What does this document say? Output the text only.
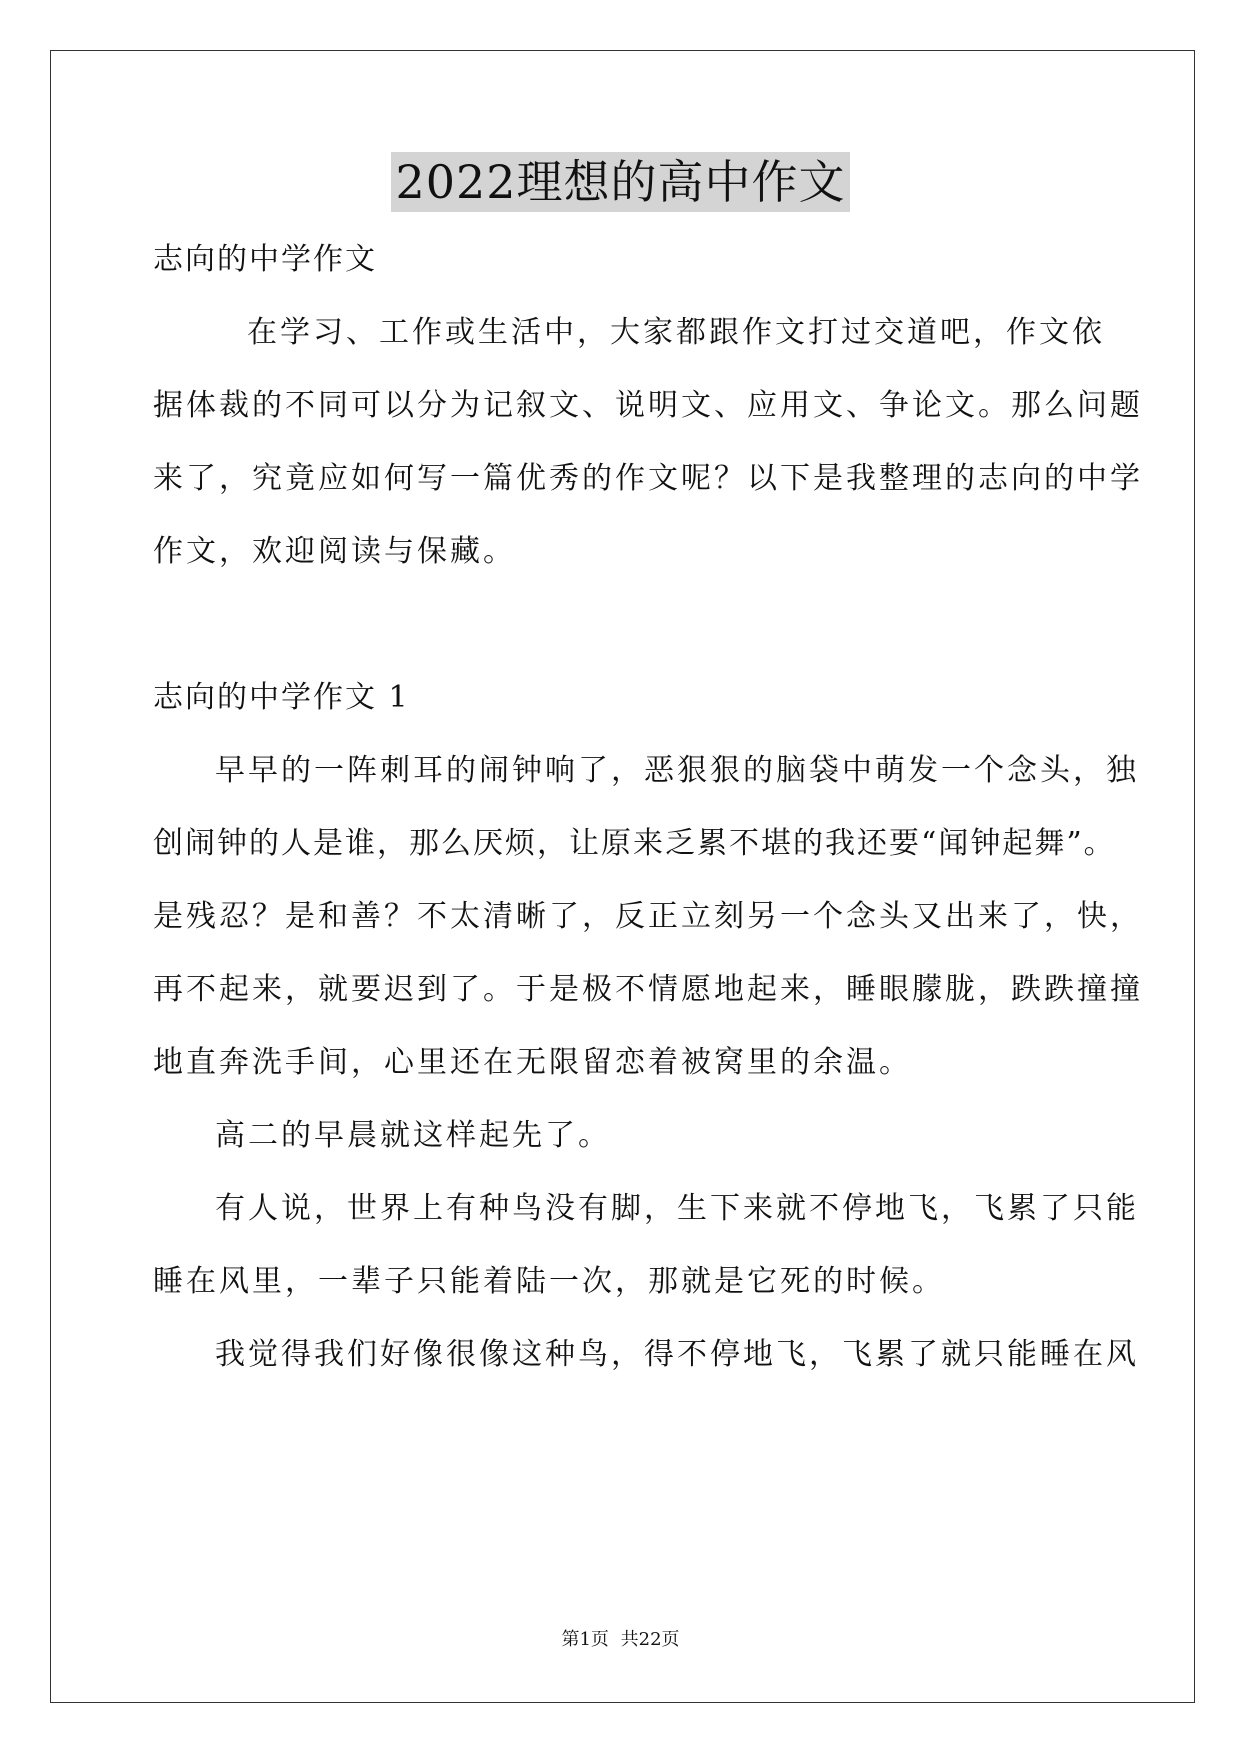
2022理想的高中作文
志向的中学作文
在学习、工作或生活中，大家都跟作文打过交道吧，作文依
据体裁的不同可以分为记叙文、说明文、应用文、争论文。那么问题
来了，究竟应如何写一篇优秀的作文呢？以下是我整理的志向的中学
作文，欢迎阅读与保藏。
志向的中学作文 1
早早的一阵刺耳的闹钟响了，恶狠狠的脑袋中萌发一个念头，独
创闹钟的人是谁，那么厌烦，让原来乏累不堪的我还要“闻钟起舞”。
是残忍？是和善？不太清晰了，反正立刻另一个念头又出来了，快，
再不起来，就要迟到了。于是极不情愿地起来，睡眼朦胧，跌跌撞撞
地直奔洗手间，心里还在无限留恋着被窝里的余温。
高二的早晨就这样起先了。
有人说，世界上有种鸟没有脚，生下来就不停地飞，飞累了只能
睡在风里，一辈子只能着陆一次，那就是它死的时候。
我觉得我们好像很像这种鸟，得不停地飞，飞累了就只能睡在风
第1页 共22页
